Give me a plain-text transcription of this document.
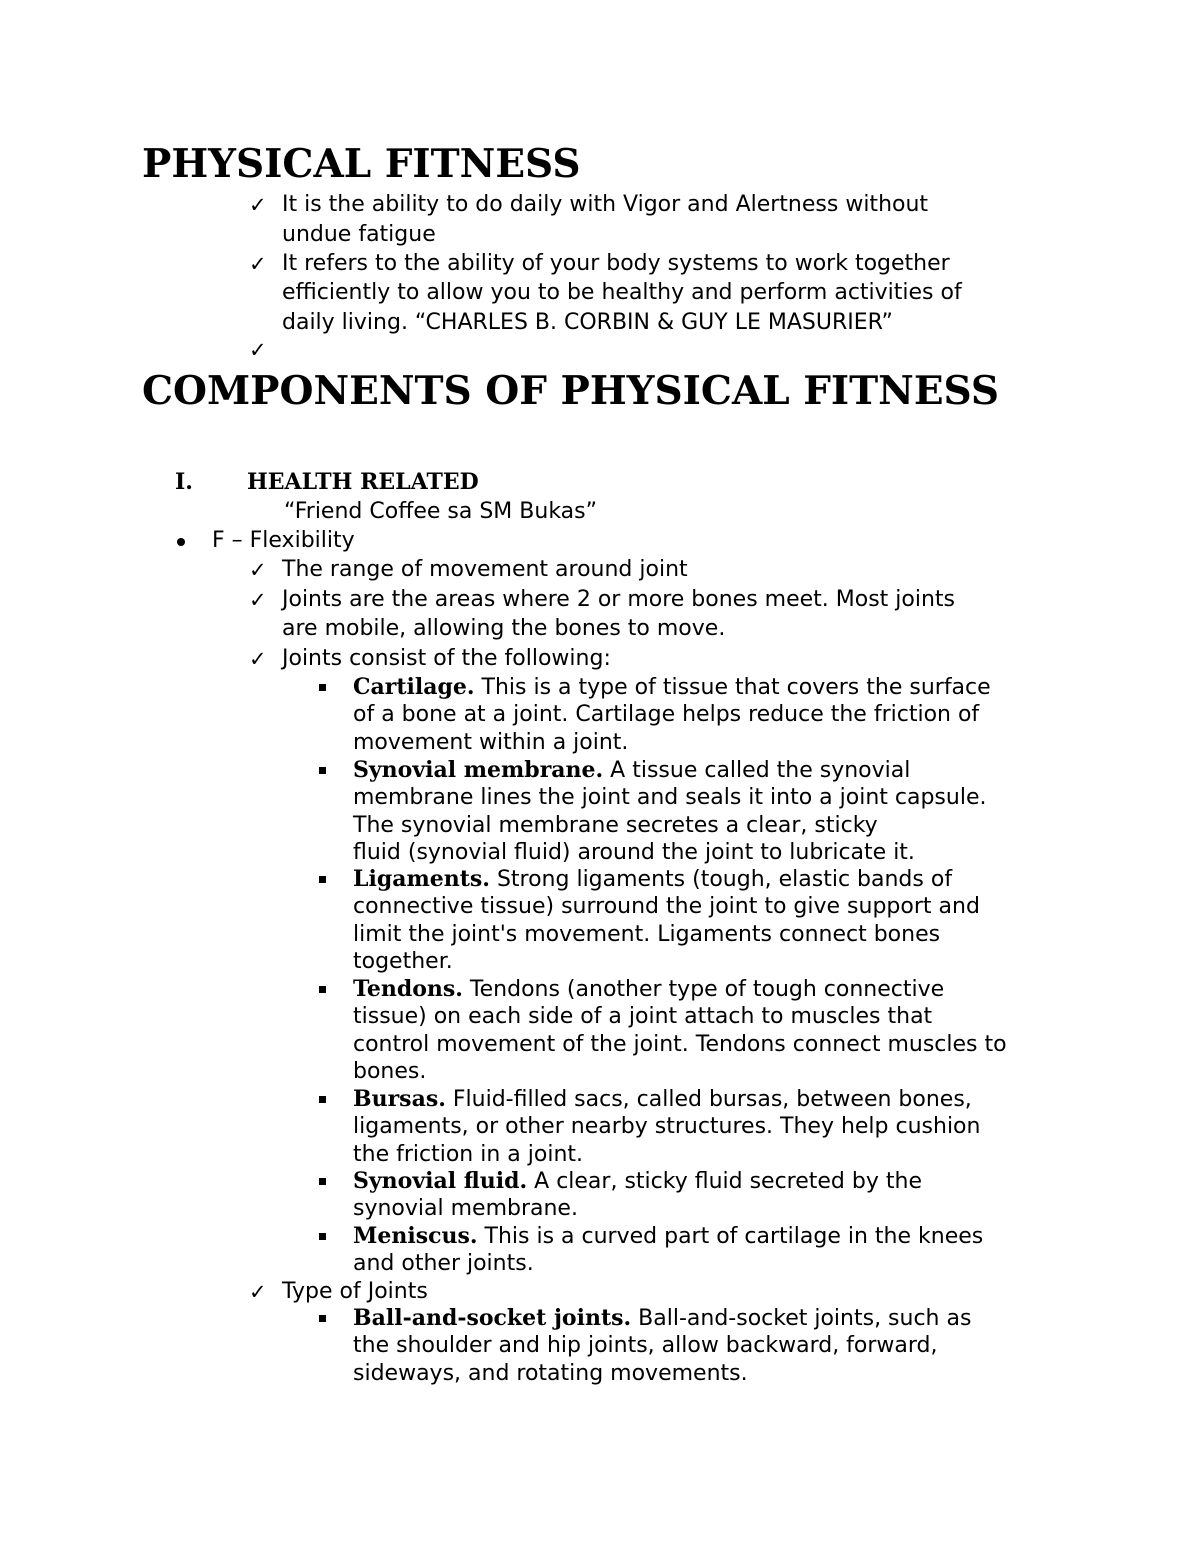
PHYSICAL FITNESS
✓ It is the ability to do daily with Vigor and Alertness without
undue fatigue
✓ It refers to the ability of your body systems to work together
efficiently to allow you to be healthy and perform activities of
daily living. “CHARLES B. CORBIN & GUY LE MASURIER”
✓
COMPONENTS OF PHYSICAL FITNESS
I. HEALTH RELATED
“Friend Coffee sa SM Bukas”
F – Flexibility
✓ The range of movement around joint
✓ Joints are the areas where 2 or more bones meet. Most joints
are mobile, allowing the bones to move.
✓ Joints consist of the following:
Cartilage. This is a type of tissue that covers the surface
of a bone at a joint. Cartilage helps reduce the friction of
movement within a joint.
Synovial membrane. A tissue called the synovial
membrane lines the joint and seals it into a joint capsule.
The synovial membrane secretes a clear, sticky
fluid (synovial fluid) around the joint to lubricate it.
Ligaments. Strong ligaments (tough, elastic bands of
connective tissue) surround the joint to give support and
limit the joint's movement. Ligaments connect bones
together.
Tendons. Tendons (another type of tough connective
tissue) on each side of a joint attach to muscles that
control movement of the joint. Tendons connect muscles to
bones.
Bursas. Fluid-filled sacs, called bursas, between bones,
ligaments, or other nearby structures. They help cushion
the friction in a joint.
Synovial fluid. A clear, sticky fluid secreted by the
synovial membrane.
Meniscus. This is a curved part of cartilage in the knees
and other joints.
✓ Type of Joints
Ball-and-socket joints. Ball-and-socket joints, such as
the shoulder and hip joints, allow backward, forward,
sideways, and rotating movements.
